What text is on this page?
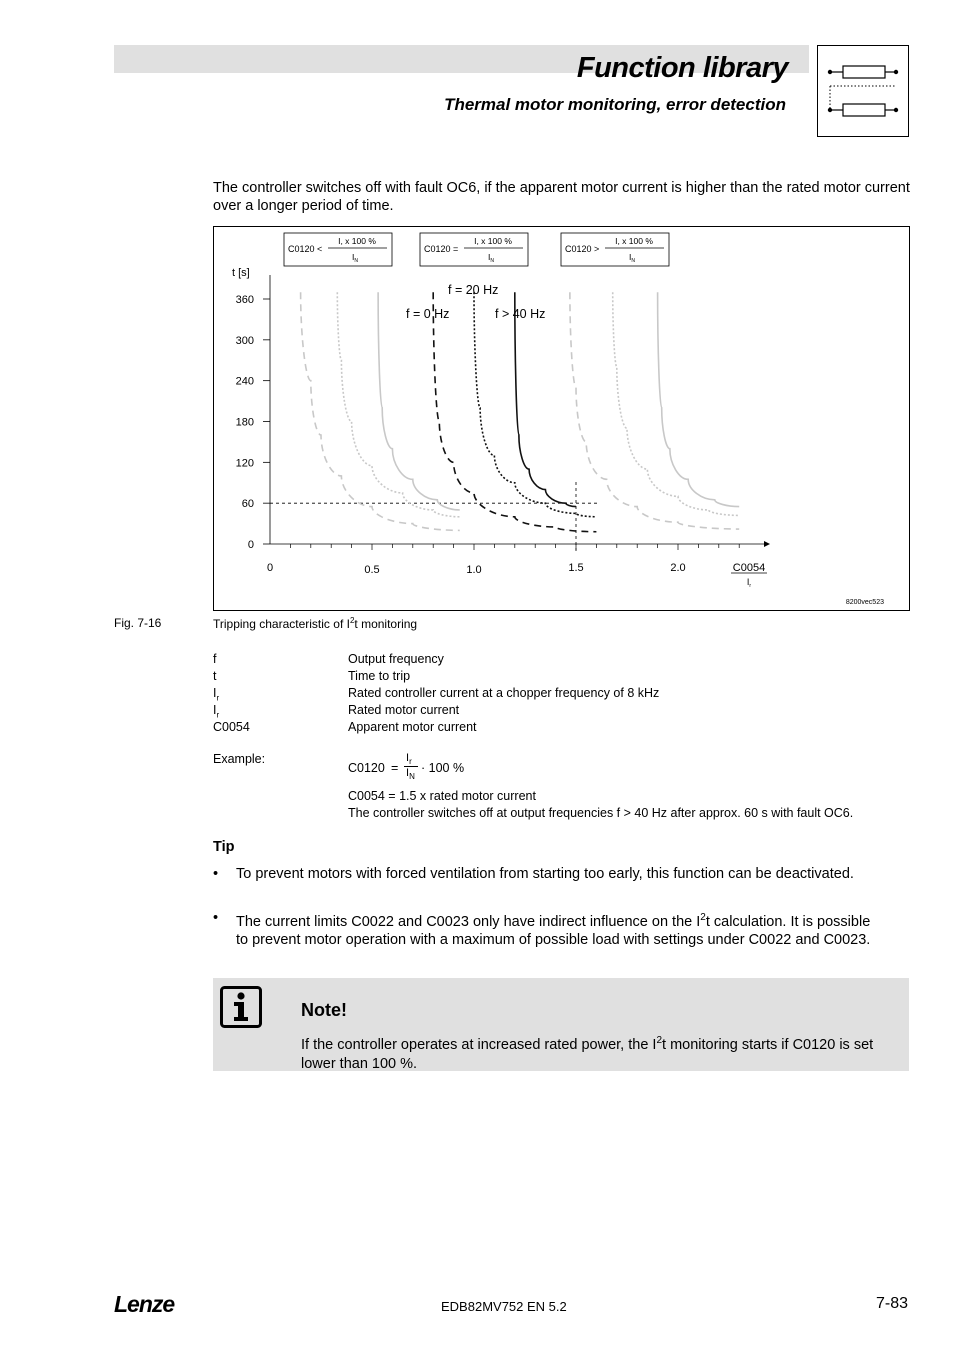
Function library
Thermal motor monitoring, error detection
The controller switches off with fault OC6, if the apparent motor current is higher than the rated motor current over a longer period of time.
C0120 <
I, x 100 %
$I_N$
C0120 =
I, x 100 %
$I_N$
C0120 >
I, x 100 %
$I_N$
t [s]
0
60
120
180
240
300
360
0	0.5	1.0	1.5	2.0	C0054
$I_r$
8200vec523
f = 20 Hz
f = 0 Hz	f > 40 Hz
Fig. 7-16	Tripping characteristic of $I^2t$ monitoring
f	Output frequency
t	Time to trip
$I_r$	Rated controller current at a chopper frequency of 8 kHz
$I_r$	Rated motor current
C0054	Apparent motor current
Example:
C0120 =
$I_r$
$I_N$
· 100 %
C0054 = 1.5 x rated motor current
The controller switches off at output frequencies f > 40 Hz after approx. 60 s with fault OC6.
Tip
• To prevent motors with forced ventilation from starting too early, this function can be deactivated.
• The current limits C0022 and C0023 only have indirect influence on the $I^2t$ calculation. It is possible to prevent motor operation with a maximum of possible load with settings under C0022 and C0023.
Note!
If the controller operates at increased rated power, the $I^2t$ monitoring starts if C0120 is set lower than 100 %.
Lenze	EDB82MV752 EN 5.2	7-83
